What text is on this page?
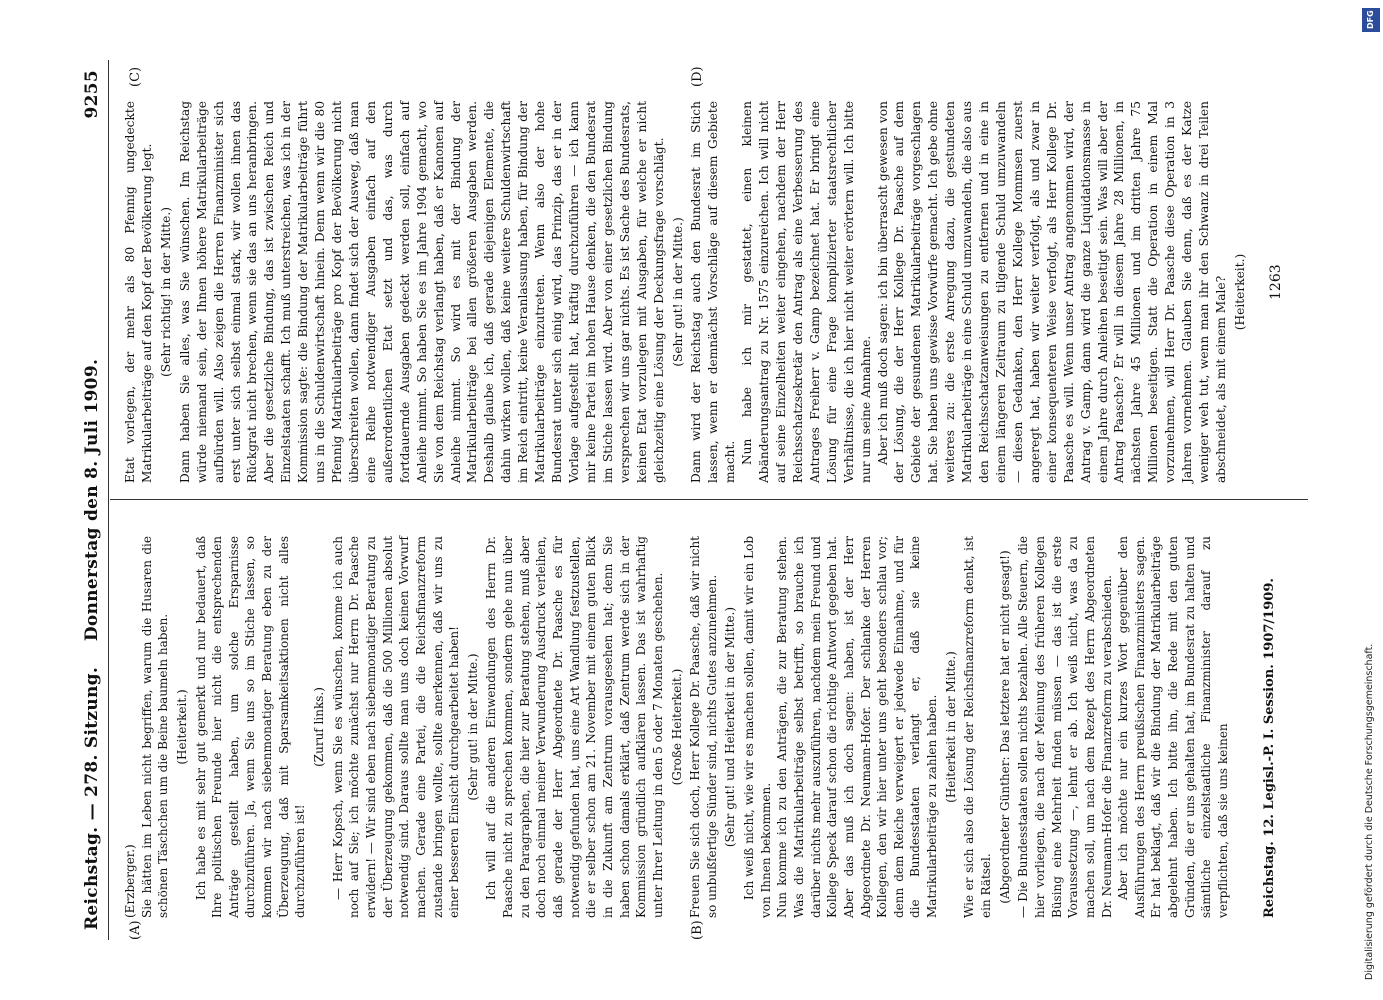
Reichstag. — 278. Sitzung.
Donnerstag den 8. Juli 1909.
9255
(A)	(B)
(C)	(D)

(Erzberger.) Sie hätten im Leben nicht begriffen, warum die Husaren die schönen Täschchen um die Beine baumeln haben. (Heiterkeit.) Ich habe es mit sehr gut gemerkt und nur bedauert, daß Ihre politischen Freunde hier nicht die entsprechenden Anträge gestellt haben, um solche Ersparnisse durchzuführen. Ja, wenn Sie uns so im Stiche lassen, so kommen wir nach siebenmonatiger Beratung eben zu der Überzeugung, daß mit Sparsamkeitsaktionen nicht alles durchzuführen ist!

(Zuruf links.) — Herr Kopsch, wenn Sie es wünschen, komme ich auch noch auf Sie; ich möchte zunächst nur Herrn Dr. Paasche erwidern! — Wir sind eben nach siebenmonatiger Beratung zu der Überzeugung gekommen, daß die 500 Millionen absolut notwendig sind. Daraus sollte man uns doch keinen Vorwurf machen. Gerade eine Partei, die die Reichsfinanzreform zustande bringen wollte, sollte anerkennen, daß wir uns zu einer besseren Einsicht durchgearbeitet haben! (Sehr gut! in der Mitte.) Ich will auf die anderen Einwendungen des Herrn Dr. Paasche nicht zu sprechen kommen, sondern gehe nun über zu den Paragraphen, die hier zur Beratung stehen, muß aber doch noch einmal meiner Verwunderung Ausdruck verleihen, daß gerade der Herr Abgeordnete Dr. Paasche es für notwendig gefunden hat, uns eine Art Wandlung festzustellen, die er selber schon am 21. November mit einem guten Blick in die Zukunft am Zentrum vorausgesehen hat; denn Sie haben schon damals erklärt, daß Zentrum werde sich in der Kommission gründlich aufklären lassen. Das ist wahrhaftig unter Ihrer Leitung in den 5 oder 7 Monaten geschehen. (Große Heiterkeit.) Freuen Sie sich doch, Herr Kollege Dr. Paasche, daß wir nicht so unbußfertige Sünder sind, nichts Gutes anzunehmen. (Sehr gut! und Heiterkeit in der Mitte.) Ich weiß nicht, wie wir es machen sollen, damit wir ein Lob von Ihnen bekommen. Nun komme ich zu den Anträgen, die zur Beratung stehen. Was die Matrikularbeiträge selbst betrifft, so brauche ich darüber nichts mehr auszuführen, nachdem mein Freund und Kollege Speck darauf schon die richtige Antwort gegeben hat. Aber das muß ich doch sagen: haben, ist der Herr Abgeordnete Dr. Neumann-Hofer. Der schlanke der Herren Kollegen, den wir hier unter uns geht besonders schlau vor; denn dem Reiche verweigert er jedwede Einnahme, und für die Bundesstaaten verlangt er, daß sie keine Matrikularbeiträge zu zahlen haben. (Heiterkeit in der Mitte.) Wie er sich also die Lösung der Reichsfinanzreform denkt, ist ein Rätsel. (Abgeordneter Günther: Das letztere hat er nicht gesagt!) — Die Bundesstaaten sollen nichts bezahlen. Alle Steuern, die hier vorliegen, die nach der Meinung des früheren Kollegen Büsing eine Mehrheit finden müssen — das ist die erste Voraussetzung —, lehnt er ab. Ich weiß nicht, was da zu machen soll, um nach dem Rezept des Herrn Abgeordneten Dr. Neumann-Hofer die Finanzreform zu verabschieden. Aber ich möchte nur ein kurzes Wort gegenüber den Ausführungen des Herrn preußischen Finanzministers sagen. Er hat beklagt, daß wir die Bindung der Matrikularbeiträge abgelehnt haben. Ich bitte ihn, die Rede mit den guten Gründen, die er uns gehalten hat, im Bundesrat zu halten und sämtliche einzelstaatliche Finanzminister darauf zu verpflichten, daß sie uns keinen

Etat vorlegen, der mehr als 80 Pfennig ungedeckte Matrikularbeiträge auf den Kopf der Bevölkerung legt. (Sehr richtig! in der Mitte.) Dann haben Sie alles, was Sie wünschen. Im Reichstag würde niemand sein, der Ihnen höhere Matrikularbeiträge aufbürden will. Also zeigen die Herren Finanzminister sich erst unter sich selbst einmal stark, wir wollen ihnen das Rückgrat nicht brechen, wenn sie das an uns heranbringen. Aber die gesetzliche Bindung, das ist zwischen Reich und Einzelstaaten schafft. Ich muß unterstreichen, was ich in der Kommission sagte: die Bindung der Matrikularbeiträge führt uns in die Schuldenwirtschaft hinein. Denn wenn wir die 80 Pfennig Matrikularbeiträge pro Kopf der Bevölkerung nicht überschreiten wollen, dann findet sich der Ausweg, daß man eine Reihe notwendiger Ausgaben einfach auf den außerordentlichen Etat setzt und das, was durch fortdauernde Ausgaben gedeckt werden soll, einfach auf Anleihe nimmt. So haben Sie es im Jahre 1904 gemacht, wo Sie von dem Reichstag verlangt haben, daß er Kanonen auf Anleihe nimmt. So wird es mit der Bindung der Matrikularbeiträge bei allen größeren Ausgaben werden. Deshalb glaube ich, daß gerade diejenigen Elemente, die dahin wirken wollen, daß keine weitere Schuldenwirtschaft im Reich eintritt, keine Veranlassung haben, für Bindung der Matrikularbeiträge einzutreten. Wenn also der hohe Bundesrat unter sich einig wird, das Prinzip, das er in der Vorlage aufgestellt hat, kräftig durchzuführen — ich kann mir keine Partei im hohen Hause denken, die den Bundesrat im Stiche lassen wird. Aber von einer gesetzlichen Bindung versprechen wir uns gar nichts. Es ist Sache des Bundesrats, keinen Etat vorzulegen mit Ausgaben, für welche er nicht gleichzeitig eine Lösung der Deckungsfrage vorschlägt. (Sehr gut! in der Mitte.) Dann wird der Reichstag auch den Bundesrat im Stich lassen, wenn er demnächst Vorschläge auf diesem Gebiete macht. Nun habe ich mir gestattet, einen kleinen Abänderungsantrag zu Nr. 1575 einzureichen. Ich will nicht auf seine Einzelheiten weiter eingehen, nachdem der Herr Reichsschatzsekretär den Antrag als eine Verbesserung des Antrages Freiherr v. Gamp bezeichnet hat. Er bringt eine Lösung für eine Frage komplizierter staatsrechtlicher Verhältnisse, die ich hier nicht weiter erörtern will. Ich bitte nur um seine Annahme. Aber ich muß doch sagen: ich bin überrascht gewesen von der Lösung, die der Herr Kollege Dr. Paasche auf dem Gebiete der gesundenen Matrikularbeiträge vorgeschlagen hat. Sie haben uns gewisse Vorwürfe gemacht. Ich gebe ohne weiteres zu: die erste Anregung dazu, die gestundeten Matrikularbeiträge in eine Schuld umzuwandeln, die also aus den Reichsschatzanweisungen zu entfernen und in eine in einem längeren Zeitraum zu tilgende Schuld umzuwandeln — diesen Gedanken, den Herr Kollege Mommsen zuerst angeregt hat, haben wir weiter verfolgt, als und zwar in einer konsequenteren Weise verfolgt, als Herr Kollege Dr. Paasche es will. Wenn unser Antrag angenommen wird, der Antrag v. Gamp, dann wird die ganze Liquidationsmasse in einem Jahre durch Anleihen beseitigt sein. Was will aber der Antrag Paasche? Er will in diesem Jahre 28 Millionen, in nächsten Jahre 45 Millionen und im dritten Jahre 75 Millionen beseitigen. Statt die Operation in einem Mal vorzunehmen, will Herr Dr. Paasche diese Operation in 3 Jahren vornehmen. Glauben Sie denn, daß es der Katze weniger weh tut, wenn man ihr den Schwanz in drei Teilen abschneidet, als mit einem Male? (Heiterkeit.)

Reichstag. 12. Legisl.-P. I. Session. 1907/1909.
1263
DFG
Digitalisierung gefördert durch die Deutsche Forschungsgemeinschaft.
